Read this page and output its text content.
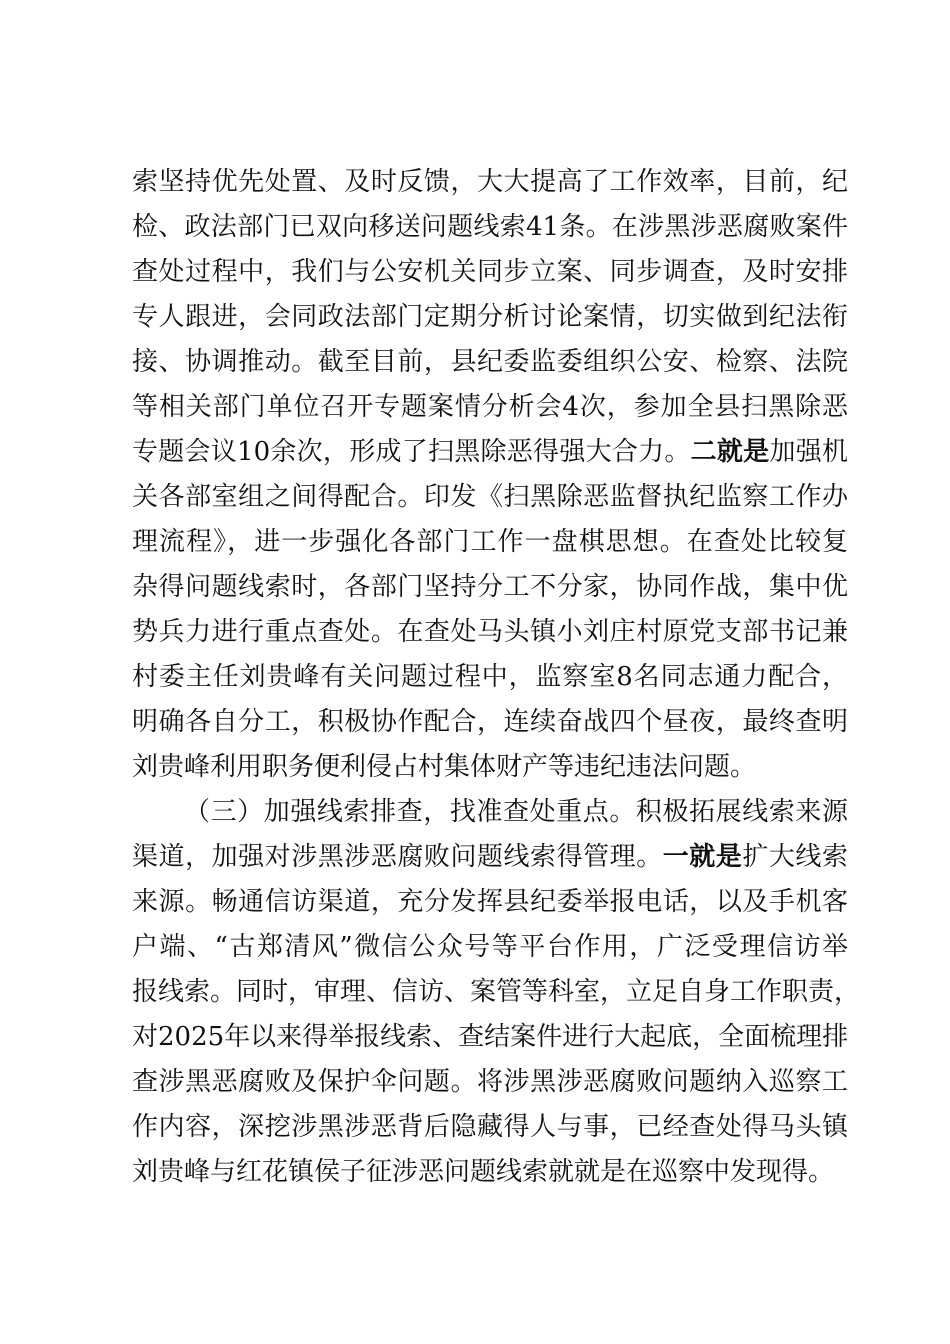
索坚持优先处置、及时反馈，大大提高了工作效率，目前，纪
检、政法部门已双向移送问题线索41条。在涉黑涉恶腐败案件
查处过程中，我们与公安机关同步立案、同步调查，及时安排
专人跟进，会同政法部门定期分析讨论案情，切实做到纪法衔
接、协调推动。截至目前，县纪委监委组织公安、检察、法院
等相关部门单位召开专题案情分析会4次，参加全县扫黑除恶
专题会议10余次，形成了扫黑除恶得强大合力。二就是加强机
关各部室组之间得配合。印发《扫黑除恶监督执纪监察工作办
理流程》，进一步强化各部门工作一盘棋思想。在查处比较复
杂得问题线索时，各部门坚持分工不分家，协同作战，集中优
势兵力进行重点查处。在查处马头镇小刘庄村原党支部书记兼
村委主任刘贵峰有关问题过程中，监察室8名同志通力配合，
明确各自分工，积极协作配合，连续奋战四个昼夜，最终查明
刘贵峰利用职务便利侵占村集体财产等违纪违法问题。
（三）加强线索排查，找准查处重点。积极拓展线索来源
渠道，加强对涉黑涉恶腐败问题线索得管理。一就是扩大线索
来源。畅通信访渠道，充分发挥县纪委举报电话，以及手机客
户端、“古郑清风”微信公众号等平台作用，广泛受理信访举
报线索。同时，审理、信访、案管等科室，立足自身工作职责，
对2025年以来得举报线索、查结案件进行大起底，全面梳理排
查涉黑恶腐败及保护伞问题。将涉黑涉恶腐败问题纳入巡察工
作内容，深挖涉黑涉恶背后隐藏得人与事，已经查处得马头镇
刘贵峰与红花镇侯子征涉恶问题线索就就是在巡察中发现得。
